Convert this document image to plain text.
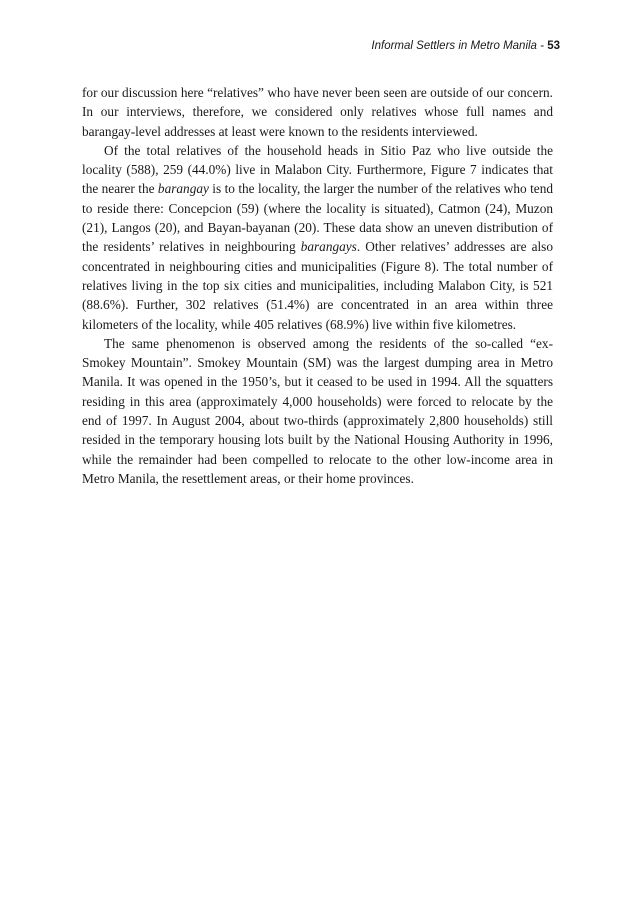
Informal Settlers in Metro Manila - 53

for our discussion here “relatives” who have never been seen are outside of our concern. In our interviews, therefore, we considered only relatives whose full names and barangay-level addresses at least were known to the residents interviewed.

Of the total relatives of the household heads in Sitio Paz who live outside the locality (588), 259 (44.0%) live in Malabon City. Furthermore, Figure 7 indicates that the nearer the barangay is to the locality, the larger the number of the relatives who tend to reside there: Concepcion (59) (where the locality is situated), Catmon (24), Muzon (21), Langos (20), and Bayan-bayanan (20). These data show an uneven distribution of the residents’ relatives in neighbouring barangays. Other relatives’ addresses are also concentrated in neighbouring cities and municipalities (Figure 8). The total number of relatives living in the top six cities and municipalities, including Malabon City, is 521 (88.6%). Further, 302 relatives (51.4%) are concentrated in an area within three kilometers of the locality, while 405 relatives (68.9%) live within five kilometres.

The same phenomenon is observed among the residents of the so-called “ex-Smokey Mountain”. Smokey Mountain (SM) was the largest dumping area in Metro Manila. It was opened in the 1950’s, but it ceased to be used in 1994. All the squatters residing in this area (approximately 4,000 households) were forced to relocate by the end of 1997. In August 2004, about two-thirds (approximately 2,800 households) still resided in the temporary housing lots built by the National Housing Authority in 1996, while the remainder had been compelled to relocate to the other low-income area in Metro Manila, the resettlement areas, or their home provinces.
